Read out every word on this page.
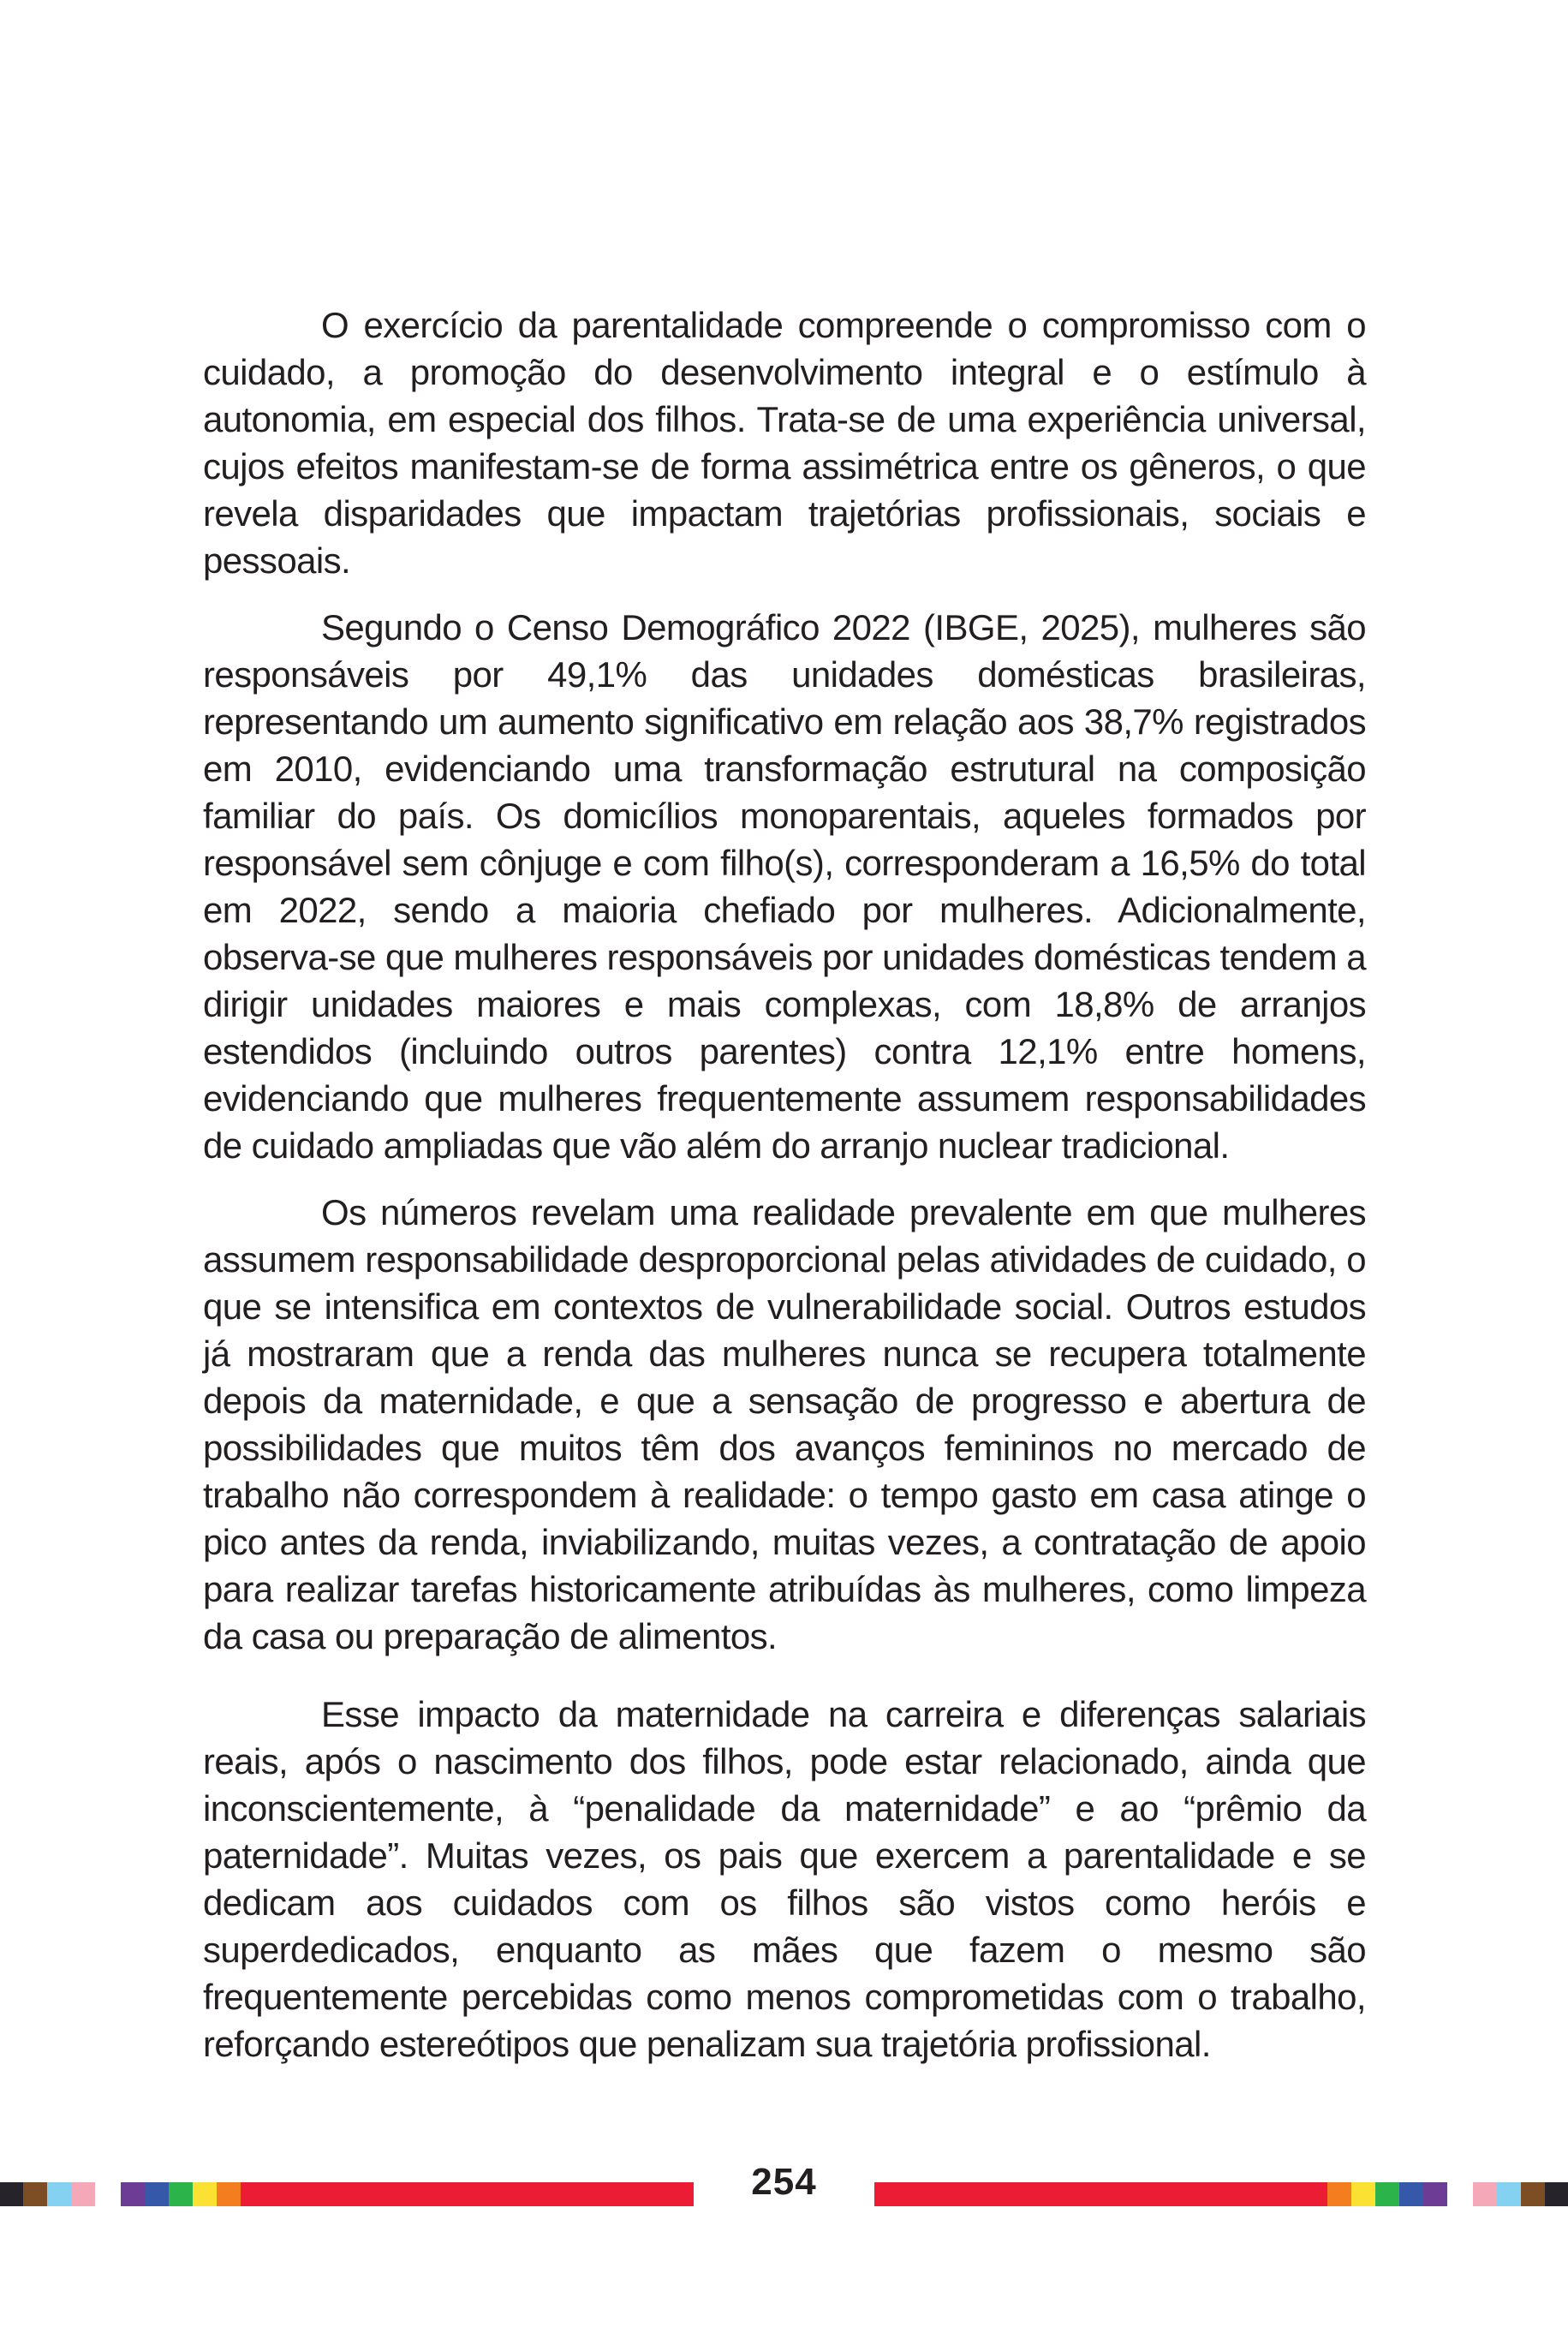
O exercício da parentalidade compreende o compromisso com o cuidado, a promoção do desenvolvimento integral e o estímulo à autonomia, em especial dos filhos. Trata-se de uma experiência universal, cujos efeitos manifestam-se de forma assimétrica entre os gêneros, o que revela disparidades que impactam trajetórias profissionais, sociais e pessoais.

Segundo o Censo Demográfico 2022 (IBGE, 2025), mulheres são responsáveis por 49,1% das unidades domésticas brasileiras, representando um aumento significativo em relação aos 38,7% registrados em 2010, evidenciando uma transformação estrutural na composição familiar do país. Os domicílios monoparentais, aqueles formados por responsável sem cônjuge e com filho(s), corresponderam a 16,5% do total em 2022, sendo a maioria chefiado por mulheres. Adicionalmente, observa-se que mulheres responsáveis por unidades domésticas tendem a dirigir unidades maiores e mais complexas, com 18,8% de arranjos estendidos (incluindo outros parentes) contra 12,1% entre homens, evidenciando que mulheres frequentemente assumem responsabilidades de cuidado ampliadas que vão além do arranjo nuclear tradicional.

Os números revelam uma realidade prevalente em que mulheres assumem responsabilidade desproporcional pelas atividades de cuidado, o que se intensifica em contextos de vulnerabilidade social. Outros estudos já mostraram que a renda das mulheres nunca se recupera totalmente depois da maternidade, e que a sensação de progresso e abertura de possibilidades que muitos têm dos avanços femininos no mercado de trabalho não correspondem à realidade: o tempo gasto em casa atinge o pico antes da renda, inviabilizando, muitas vezes, a contratação de apoio para realizar tarefas historicamente atribuídas às mulheres, como limpeza da casa ou preparação de alimentos.

Esse impacto da maternidade na carreira e diferenças salariais reais, após o nascimento dos filhos, pode estar relacionado, ainda que inconscientemente, à “penalidade da maternidade” e ao “prêmio da paternidade”. Muitas vezes, os pais que exercem a parentalidade e se dedicam aos cuidados com os filhos são vistos como heróis e superdedicados, enquanto as mães que fazem o mesmo são frequentemente percebidas como menos comprometidas com o trabalho, reforçando estereótipos que penalizam sua trajetória profissional.

254
